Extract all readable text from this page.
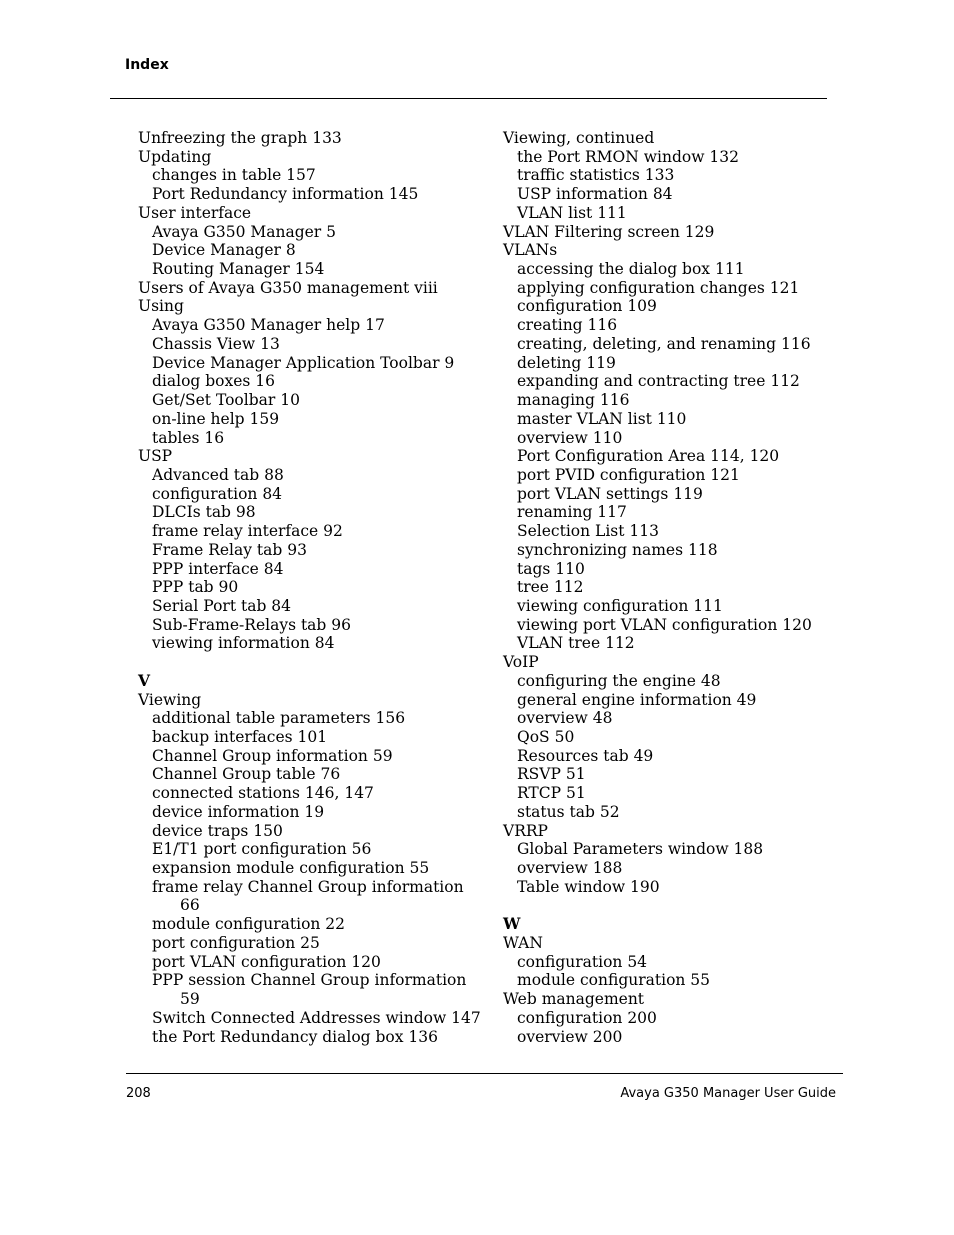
Index
Unfreezing the graph 133
Updating
changes in table 157
Port Redundancy information 145
User interface
Avaya G350 Manager 5
Device Manager 8
Routing Manager 154
Users of Avaya G350 management viii
Using
Avaya G350 Manager help 17
Chassis View 13
Device Manager Application Toolbar 9
dialog boxes 16
Get/Set Toolbar 10
on-line help 159
tables 16
USP
Advanced tab 88
configuration 84
DLCIs tab 98
frame relay interface 92
Frame Relay tab 93
PPP interface 84
PPP tab 90
Serial Port tab 84
Sub-Frame-Relays tab 96
viewing information 84
V
Viewing
additional table parameters 156
backup interfaces 101
Channel Group information 59
Channel Group table 76
connected stations 146, 147
device information 19
device traps 150
E1/T1 port configuration 56
expansion module configuration 55
frame relay Channel Group information
66
module configuration 22
port configuration 25
port VLAN configuration 120
PPP session Channel Group information
59
Switch Connected Addresses window 147
the Port Redundancy dialog box 136
Viewing, continued
the Port RMON window 132
traffic statistics 133
USP information 84
VLAN list 111
VLAN Filtering screen 129
VLANs
accessing the dialog box 111
applying configuration changes 121
configuration 109
creating 116
creating, deleting, and renaming 116
deleting 119
expanding and contracting tree 112
managing 116
master VLAN list 110
overview 110
Port Configuration Area 114, 120
port PVID configuration 121
port VLAN settings 119
renaming 117
Selection List 113
synchronizing names 118
tags 110
tree 112
viewing configuration 111
viewing port VLAN configuration 120
VLAN tree 112
VoIP
configuring the engine 48
general engine information 49
overview 48
QoS 50
Resources tab 49
RSVP 51
RTCP 51
status tab 52
VRRP
Global Parameters window 188
overview 188
Table window 190
W
WAN
configuration 54
module configuration 55
Web management
configuration 200
overview 200
208	Avaya G350 Manager User Guide
